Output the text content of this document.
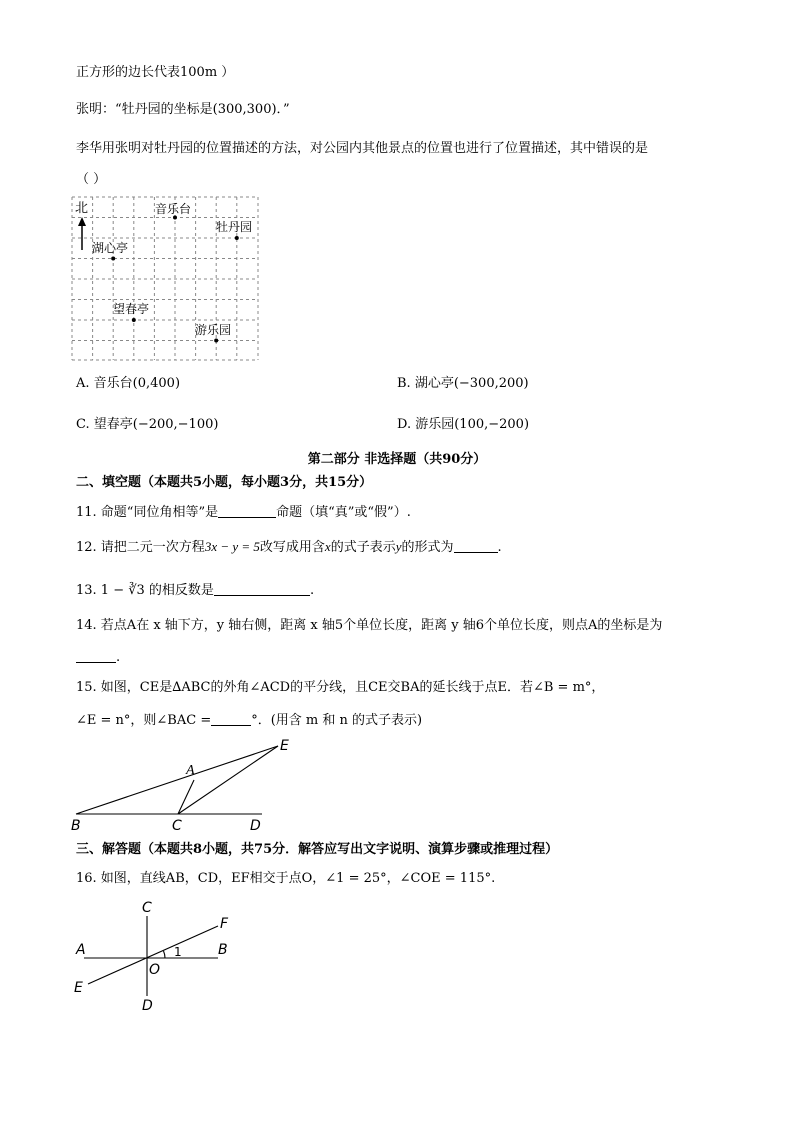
正方形的边长代表100m ）
张明：“牡丹园的坐标是(300,300)．”
李华用张明对牡丹园的位置描述的方法，对公园内其他景点的位置也进行了位置描述，其中错误的是
（ ）
北	音乐台
牡丹园
湖心亭
望春亭
游乐园
A. 音乐台(0,400)	B. 湖心亭(−300,200)
C. 望春亭(−200,−100)	D. 游乐园(100,−200)
第二部分 非选择题（共90分）
二、填空题（本题共5小题，每小题3分，共15分）
11. 命题“同位角相等”是	命题（填“真”或“假”）.
12. 请把二元一次方程3x − y = 5改写成用含x的式子表示y的形式为	.
13. 1 − ∛3 的相反数是	.
14. 若点A在 x 轴下方，y 轴右侧，距离 x 轴5个单位长度，距离 y 轴6个单位长度，则点A的坐标是为
.
15. 如图，CE是∆ABC的外角∠ACD的平分线，且CE交BA的延长线于点E．若∠B = m°，
∠E = n°，则∠BAC =	°．(用含 m 和 n 的式子表示)
A
B	C	D
E
三、解答题（本题共8小题，共75分．解答应写出文字说明、演算步骤或推理过程）
16. 如图，直线AB，CD，EF相交于点O，∠1 = 25°，∠COE = 115°.
C
F
A	B
O
E
D
1
